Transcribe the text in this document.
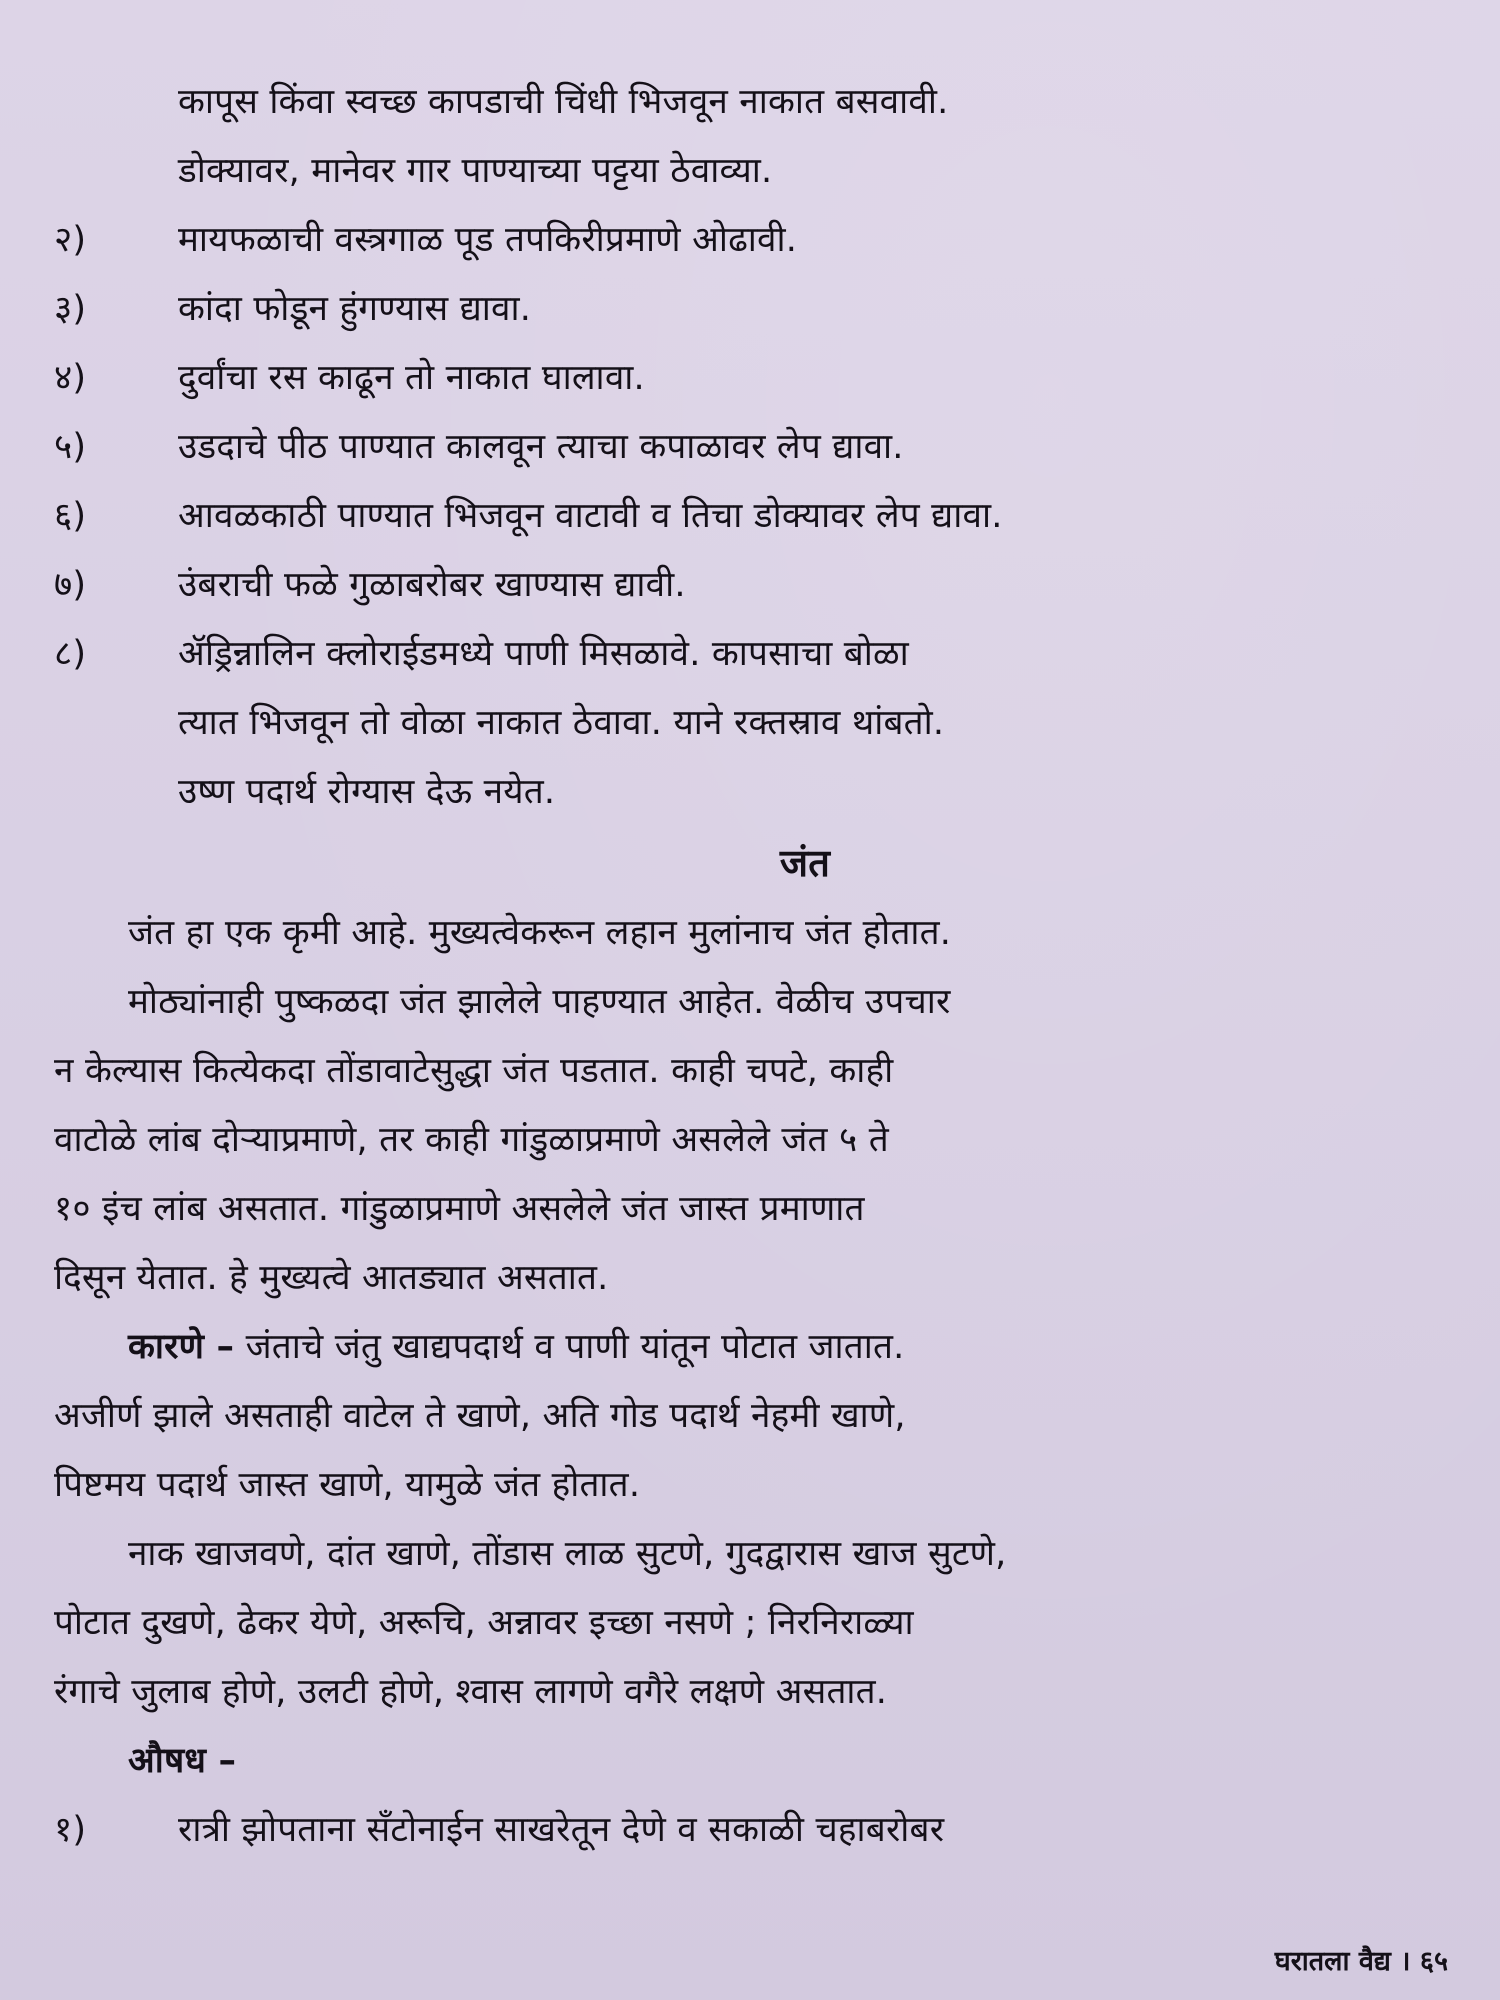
कापूस किंवा स्वच्छ कापडाची चिंधी भिजवून नाकात बसवावी.

डोक्यावर, मानेवर गार पाण्याच्या पट्टया ठेवाव्या.

२)	मायफळाची वस्त्रगाळ पूड तपकिरीप्रमाणे ओढावी.
३)	कांदा फोडून हुंगण्यास द्यावा.
४)	दुर्वांचा रस काढून तो नाकात घालावा.
५)	उडदाचे पीठ पाण्यात कालवून त्याचा कपाळावर लेप द्यावा.
६)	आवळकाठी पाण्यात भिजवून वाटावी व तिचा डोक्यावर लेप द्यावा.
७)	उंबराची फळे गुळाबरोबर खाण्यास द्यावी.
८)	ॲड्रिन्नालिन क्लोराईडमध्ये पाणी मिसळावे. कापसाचा बोळा

त्यात भिजवून तो वोळा नाकात ठेवावा. याने रक्तस्राव थांबतो.

उष्ण पदार्थ रोग्यास देऊ नयेत.

जंत

जंत हा एक कृमी आहे. मुख्यत्वेकरून लहान मुलांनाच जंत होतात.

मोठ्यांनाही पुष्कळदा जंत झालेले पाहण्यात आहेत. वेळीच उपचार

न केल्यास कित्येकदा तोंडावाटेसुद्धा जंत पडतात. काही चपटे, काही

वाटोळे लांब दोऱ्याप्रमाणे, तर काही गांडुळाप्रमाणे असलेले जंत ५ ते

१० इंच लांब असतात. गांडुळाप्रमाणे असलेले जंत जास्त प्रमाणात

दिसून येतात. हे मुख्यत्वे आतड्यात असतात.

कारणे – जंताचे जंतु खाद्यपदार्थ व पाणी यांतून पोटात जातात.

अजीर्ण झाले असताही वाटेल ते खाणे, अति गोड पदार्थ नेहमी खाणे,

पिष्टमय पदार्थ जास्त खाणे, यामुळे जंत होतात.

नाक खाजवणे, दांत खाणे, तोंडास लाळ सुटणे, गुदद्वारास खाज सुटणे,

पोटात दुखणे, ढेकर येणे, अरूचि, अन्नावर इच्छा नसणे ; निरनिराळ्या

रंगाचे जुलाब होणे, उलटी होणे, श्वास लागणे वगैरे लक्षणे असतात.

औषध –

१)	रात्री झोपताना सँटोनाईन साखरेतून देणे व सकाळी चहाबरोबर
घरातला वैद्य । ६५
